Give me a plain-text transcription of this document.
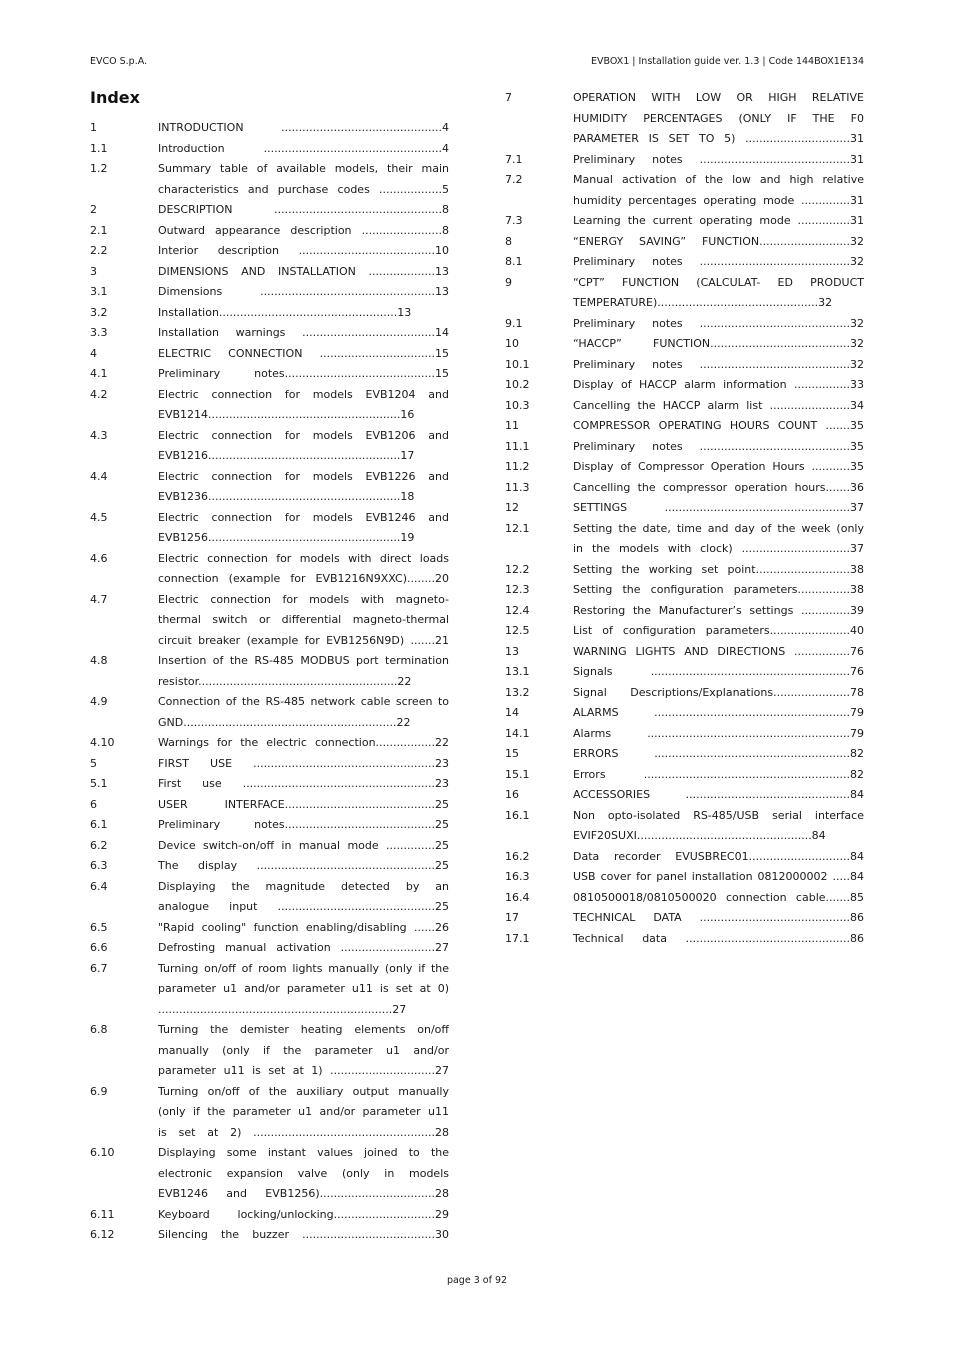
EVCO S.p.A.	EVBOX1 | Installation guide ver. 1.3 | Code 144BOX1E134
Index
1	INTRODUCTION ..............................................4
1.1	Introduction ...................................................4
1.2	Summary table of available models, their main
characteristics and purchase codes ..................5
2	DESCRIPTION ................................................8
2.1	Outward appearance description .......................8
2.2	Interior description .......................................10
3	DIMENSIONS AND INSTALLATION ...................13
3.1	Dimensions ..................................................13
3.2	Installation...................................................13
3.3	Installation warnings ......................................14
4	ELECTRIC CONNECTION .................................15
4.1	Preliminary notes...........................................15
4.2	Electric connection for models EVB1204 and
EVB1214.......................................................16
4.3	Electric connection for models EVB1206 and
EVB1216.......................................................17
4.4	Electric connection for models EVB1226 and
EVB1236.......................................................18
4.5	Electric connection for models EVB1246 and
EVB1256.......................................................19
4.6	Electric connection for models with direct loads
connection (example for EVB1216N9XXC)........20
4.7	Electric connection for models with magneto-
thermal switch or differential magneto-thermal
circuit breaker (example for EVB1256N9D) .......21
4.8	Insertion of the RS-485 MODBUS port termination
resistor.........................................................22
4.9	Connection of the RS-485 network cable screen to
GND.............................................................22
4.10	Warnings for the electric connection.................22
5	FIRST USE ....................................................23
5.1	First use .......................................................23
6	USER INTERFACE...........................................25
6.1	Preliminary notes...........................................25
6.2	Device switch-on/off in manual mode ..............25
6.3	The display ...................................................25
6.4	Displaying the magnitude detected by an
analogue input .............................................25
6.5	"Rapid cooling" function enabling/disabling ......26
6.6	Defrosting manual activation ...........................27
6.7	Turning on/off of room lights manually (only if the
parameter u1 and/or parameter u11 is set at 0)
...................................................................27
6.8	Turning the demister heating elements on/off
manually (only if the parameter u1 and/or
parameter u11 is set at 1) ..............................27
6.9	Turning on/off of the auxiliary output manually
(only if the parameter u1 and/or parameter u11
is set at 2) ....................................................28
6.10	Displaying some instant values joined to the
electronic expansion valve (only in models
EVB1246 and EVB1256).................................28
6.11	Keyboard locking/unlocking.............................29
6.12	Silencing the buzzer ......................................30
7	OPERATION WITH LOW OR HIGH RELATIVE
HUMIDITY PERCENTAGES (ONLY IF THE F0
PARAMETER IS SET TO 5) ..............................31
7.1	Preliminary notes ...........................................31
7.2	Manual activation of the low and high relative
humidity percentages operating mode ..............31
7.3	Learning the current operating mode ...............31
8	“ENERGY SAVING” FUNCTION..........................32
8.1	Preliminary notes ...........................................32
9	“CPT” FUNCTION (CALCULAT- ED PRODUCT
TEMPERATURE)..............................................32
9.1	Preliminary notes ...........................................32
10	“HACCP” FUNCTION........................................32
10.1	Preliminary notes ...........................................32
10.2	Display of HACCP alarm information ................33
10.3	Cancelling the HACCP alarm list .......................34
11	COMPRESSOR OPERATING HOURS COUNT .......35
11.1	Preliminary notes ...........................................35
11.2	Display of Compressor Operation Hours ...........35
11.3	Cancelling the compressor operation hours.......36
12	SETTINGS .....................................................37
12.1	Setting the date, time and day of the week (only
in the models with clock) ...............................37
12.2	Setting the working set point...........................38
12.3	Setting the configuration parameters...............38
12.4	Restoring the Manufacturer’s settings ..............39
12.5	List of configuration parameters.......................40
13	WARNING LIGHTS AND DIRECTIONS ................76
13.1	Signals .........................................................76
13.2	Signal Descriptions/Explanations......................78
14	ALARMS ........................................................79
14.1	Alarms ..........................................................79
15	ERRORS ........................................................82
15.1	Errors ...........................................................82
16	ACCESSORIES ...............................................84
16.1	Non opto-isolated RS-485/USB serial interface
EVIF20SUXI..................................................84
16.2	Data recorder EVUSBREC01.............................84
16.3	USB cover for panel installation 0812000002 .....84
16.4	0810500018/0810500020 connection cable.......85
17	TECHNICAL DATA ...........................................86
17.1	Technical data ...............................................86
page 3 of 92
